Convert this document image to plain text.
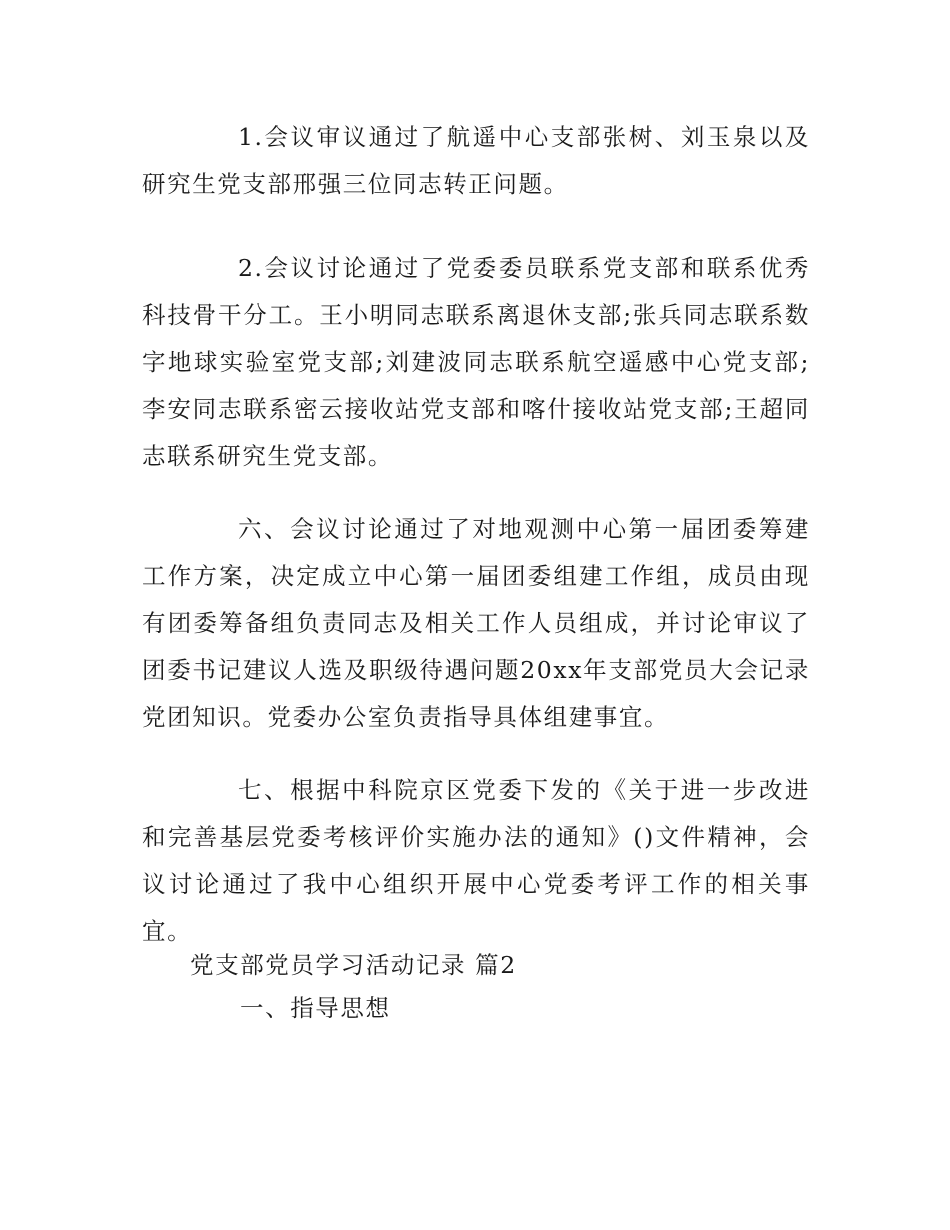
1.会议审议通过了航遥中心支部张树、刘玉泉以及研究生党支部邢强三位同志转正问题。

2.会议讨论通过了党委委员联系党支部和联系优秀科技骨干分工。王小明同志联系离退休支部;张兵同志联系数字地球实验室党支部;刘建波同志联系航空遥感中心党支部;李安同志联系密云接收站党支部和喀什接收站党支部;王超同志联系研究生党支部。

六、会议讨论通过了对地观测中心第一届团委筹建工作方案，决定成立中心第一届团委组建工作组，成员由现有团委筹备组负责同志及相关工作人员组成，并讨论审议了团委书记建议人选及职级待遇问题20xx年支部党员大会记录党团知识。党委办公室负责指导具体组建事宜。

七、根据中科院京区党委下发的《关于进一步改进和完善基层党委考核评价实施办法的通知》()文件精神，会议讨论通过了我中心组织开展中心党委考评工作的相关事宜。

党支部党员学习活动记录 篇2

一、指导思想
